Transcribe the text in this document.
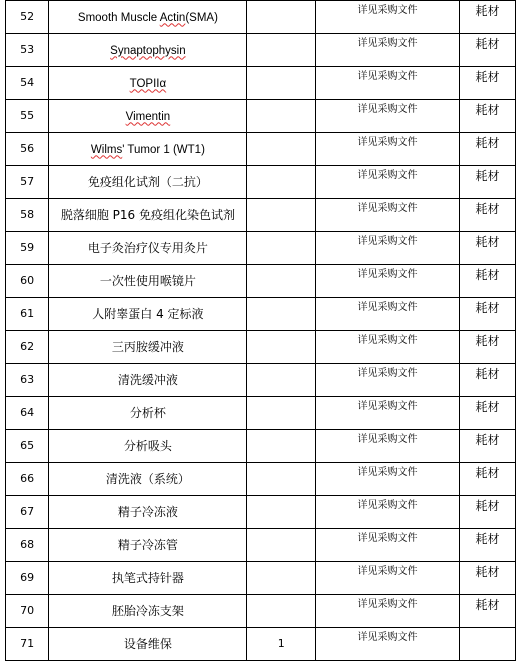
52	Smooth Muscle Actin(SMA)		详见采购文件	耗材
53	Synaptophysin		详见采购文件	耗材
54	TOPIIα		详见采购文件	耗材
55	Vimentin		详见采购文件	耗材
56	Wilms' Tumor 1 (WT1)		详见采购文件	耗材
57	免疫组化试剂（二抗）		详见采购文件	耗材
58	脱落细胞 P16 免疫组化染色试剂		详见采购文件	耗材
59	电子灸治疗仪专用灸片		详见采购文件	耗材
60	一次性使用喉镜片		详见采购文件	耗材
61	人附睾蛋白 4 定标液		详见采购文件	耗材
62	三丙胺缓冲液		详见采购文件	耗材
63	清洗缓冲液		详见采购文件	耗材
64	分析杯		详见采购文件	耗材
65	分析吸头		详见采购文件	耗材
66	清洗液（系统）		详见采购文件	耗材
67	精子冷冻液		详见采购文件	耗材
68	精子冷冻管		详见采购文件	耗材
69	执笔式持针器		详见采购文件	耗材
70	胚胎冷冻支架		详见采购文件	耗材
71	设备维保	1	详见采购文件	
